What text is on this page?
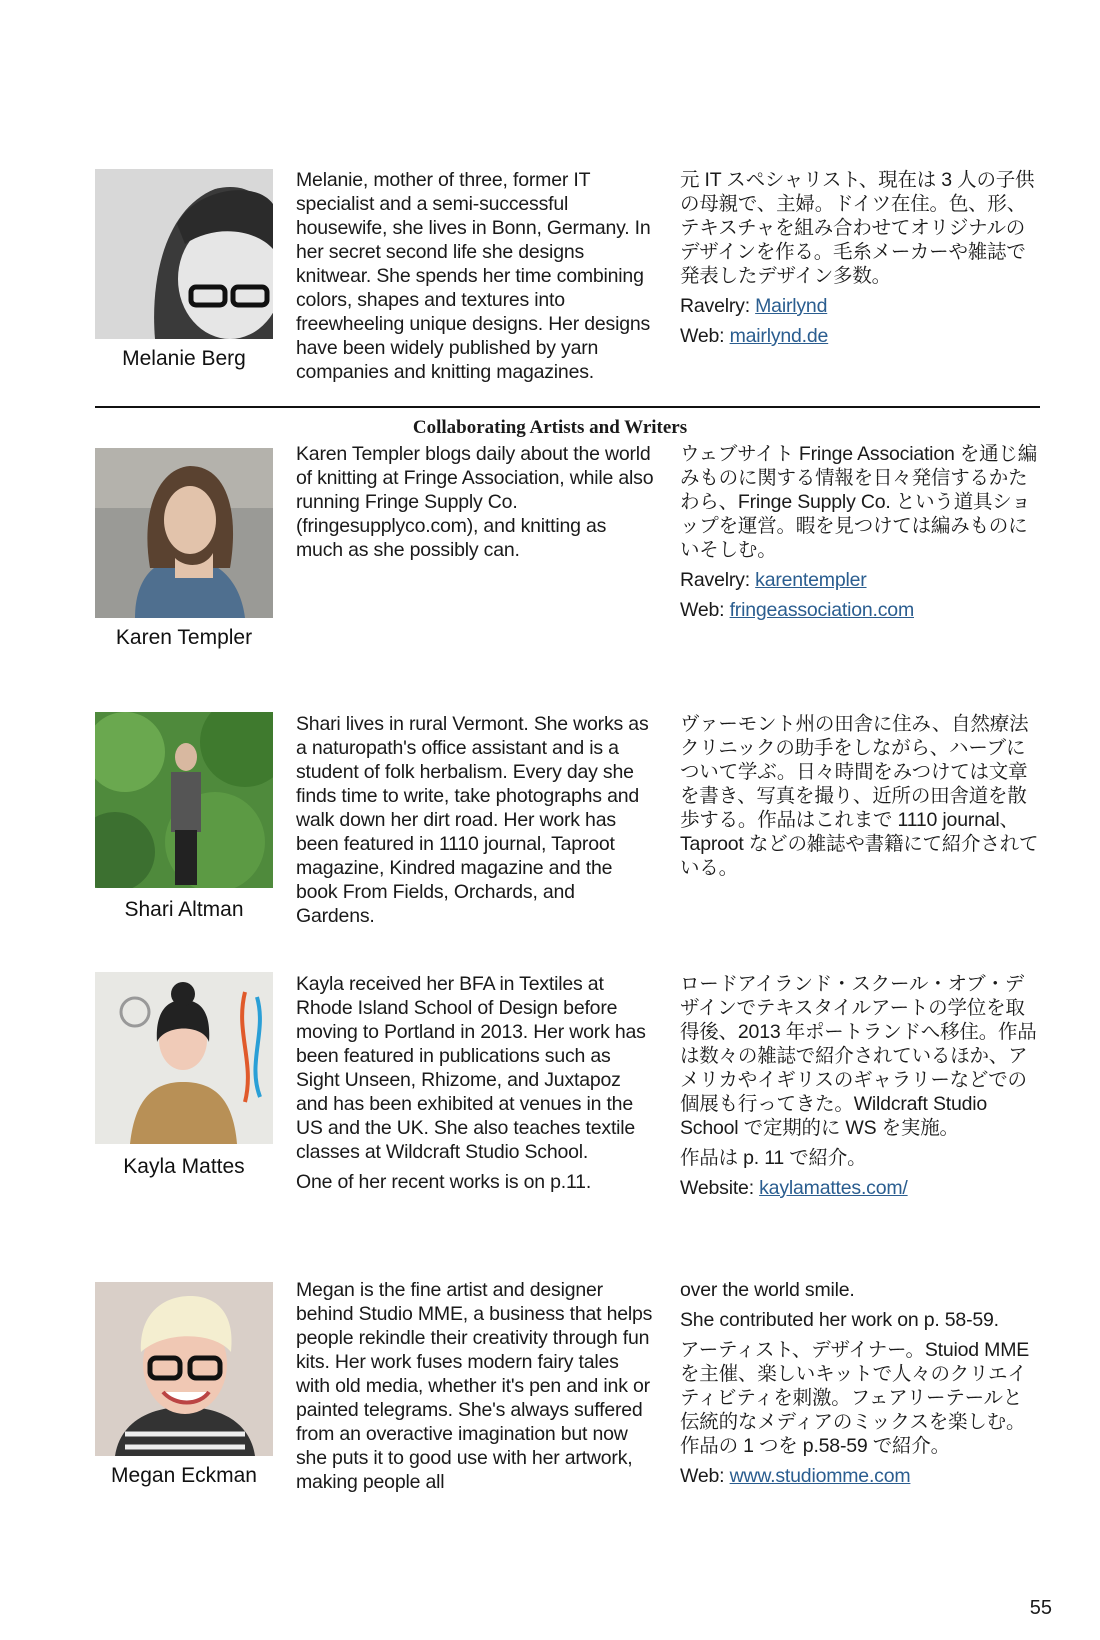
Melanie Berg

Melanie, mother of three, former IT specialist and a semi-successful housewife, she lives in Bonn, Germany. In her secret second life she designs knitwear. She spends her time combining colors, shapes and textures into freewheeling unique designs. Her designs have been widely published by yarn companies and knitting magazines.

元 IT スペシャリスト、現在は 3 人の子供の母親で、主婦。ドイツ在住。色、形、テキスチャを組み合わせてオリジナルのデザインを作る。毛糸メーカーや雑誌で発表したデザイン多数。

Ravelry: Mairlynd

Web: mairlynd.de

Collaborating Artists and Writers
Karen Templer

Karen Templer blogs daily about the world of knitting at Fringe Association, while also running Fringe Supply Co. (fringesupplyco.com), and knitting as much as she possibly can.

ウェブサイト Fringe Association を通じ編みものに関する情報を日々発信するかたわら、Fringe Supply Co. という道具ショップを運営。暇を見つけては編みものにいそしむ。

Ravelry: karentempler

Web: fringeassociation.com

Shari Altman

Shari lives in rural Vermont. She works as a naturopath's office assistant and is a student of folk herbalism. Every day she finds time to write, take photographs and walk down her dirt road. Her work has been featured in 1110 journal, Taproot magazine, Kindred magazine and the book From Fields, Orchards, and Gardens.

ヴァーモント州の田舎に住み、自然療法クリニックの助手をしながら、ハーブについて学ぶ。日々時間をみつけては文章を書き、写真を撮り、近所の田舎道を散歩する。作品はこれまで 1110 journal、Taproot などの雑誌や書籍にて紹介されている。

Kayla Mattes

Kayla received her BFA in Textiles at Rhode Island School of Design before moving to Portland in 2013. Her work has been featured in publications such as Sight Unseen, Rhizome, and Juxtapoz and has been exhibited at venues in the US and the UK. She also teaches textile classes at Wildcraft Studio School.

One of her recent works is on p.11.

ロードアイランド・スクール・オブ・デザインでテキスタイルアートの学位を取得後、2013 年ポートランドへ移住。作品は数々の雑誌で紹介されているほか、アメリカやイギリスのギャラリーなどでの個展も行ってきた。Wildcraft Studio School で定期的に WS を実施。

作品は p. 11 で紹介。

Website: kaylamattes.com/

Megan Eckman

Megan is the fine artist and designer behind Studio MME, a business that helps people rekindle their creativity through fun kits. Her work fuses modern fairy tales with old media, whether it's pen and ink or painted telegrams. She's always suffered from an overactive imagination but now she puts it to good use with her artwork, making people all

over the world smile.

She contributed her work on p. 58-59.

アーティスト、デザイナー。Stuiod MME を主催、楽しいキットで人々のクリエイティビティを刺激。フェアリーテールと伝統的なメディアのミックスを楽しむ。作品の 1 つを p.58-59 で紹介。

Web: www.studiomme.com

55
